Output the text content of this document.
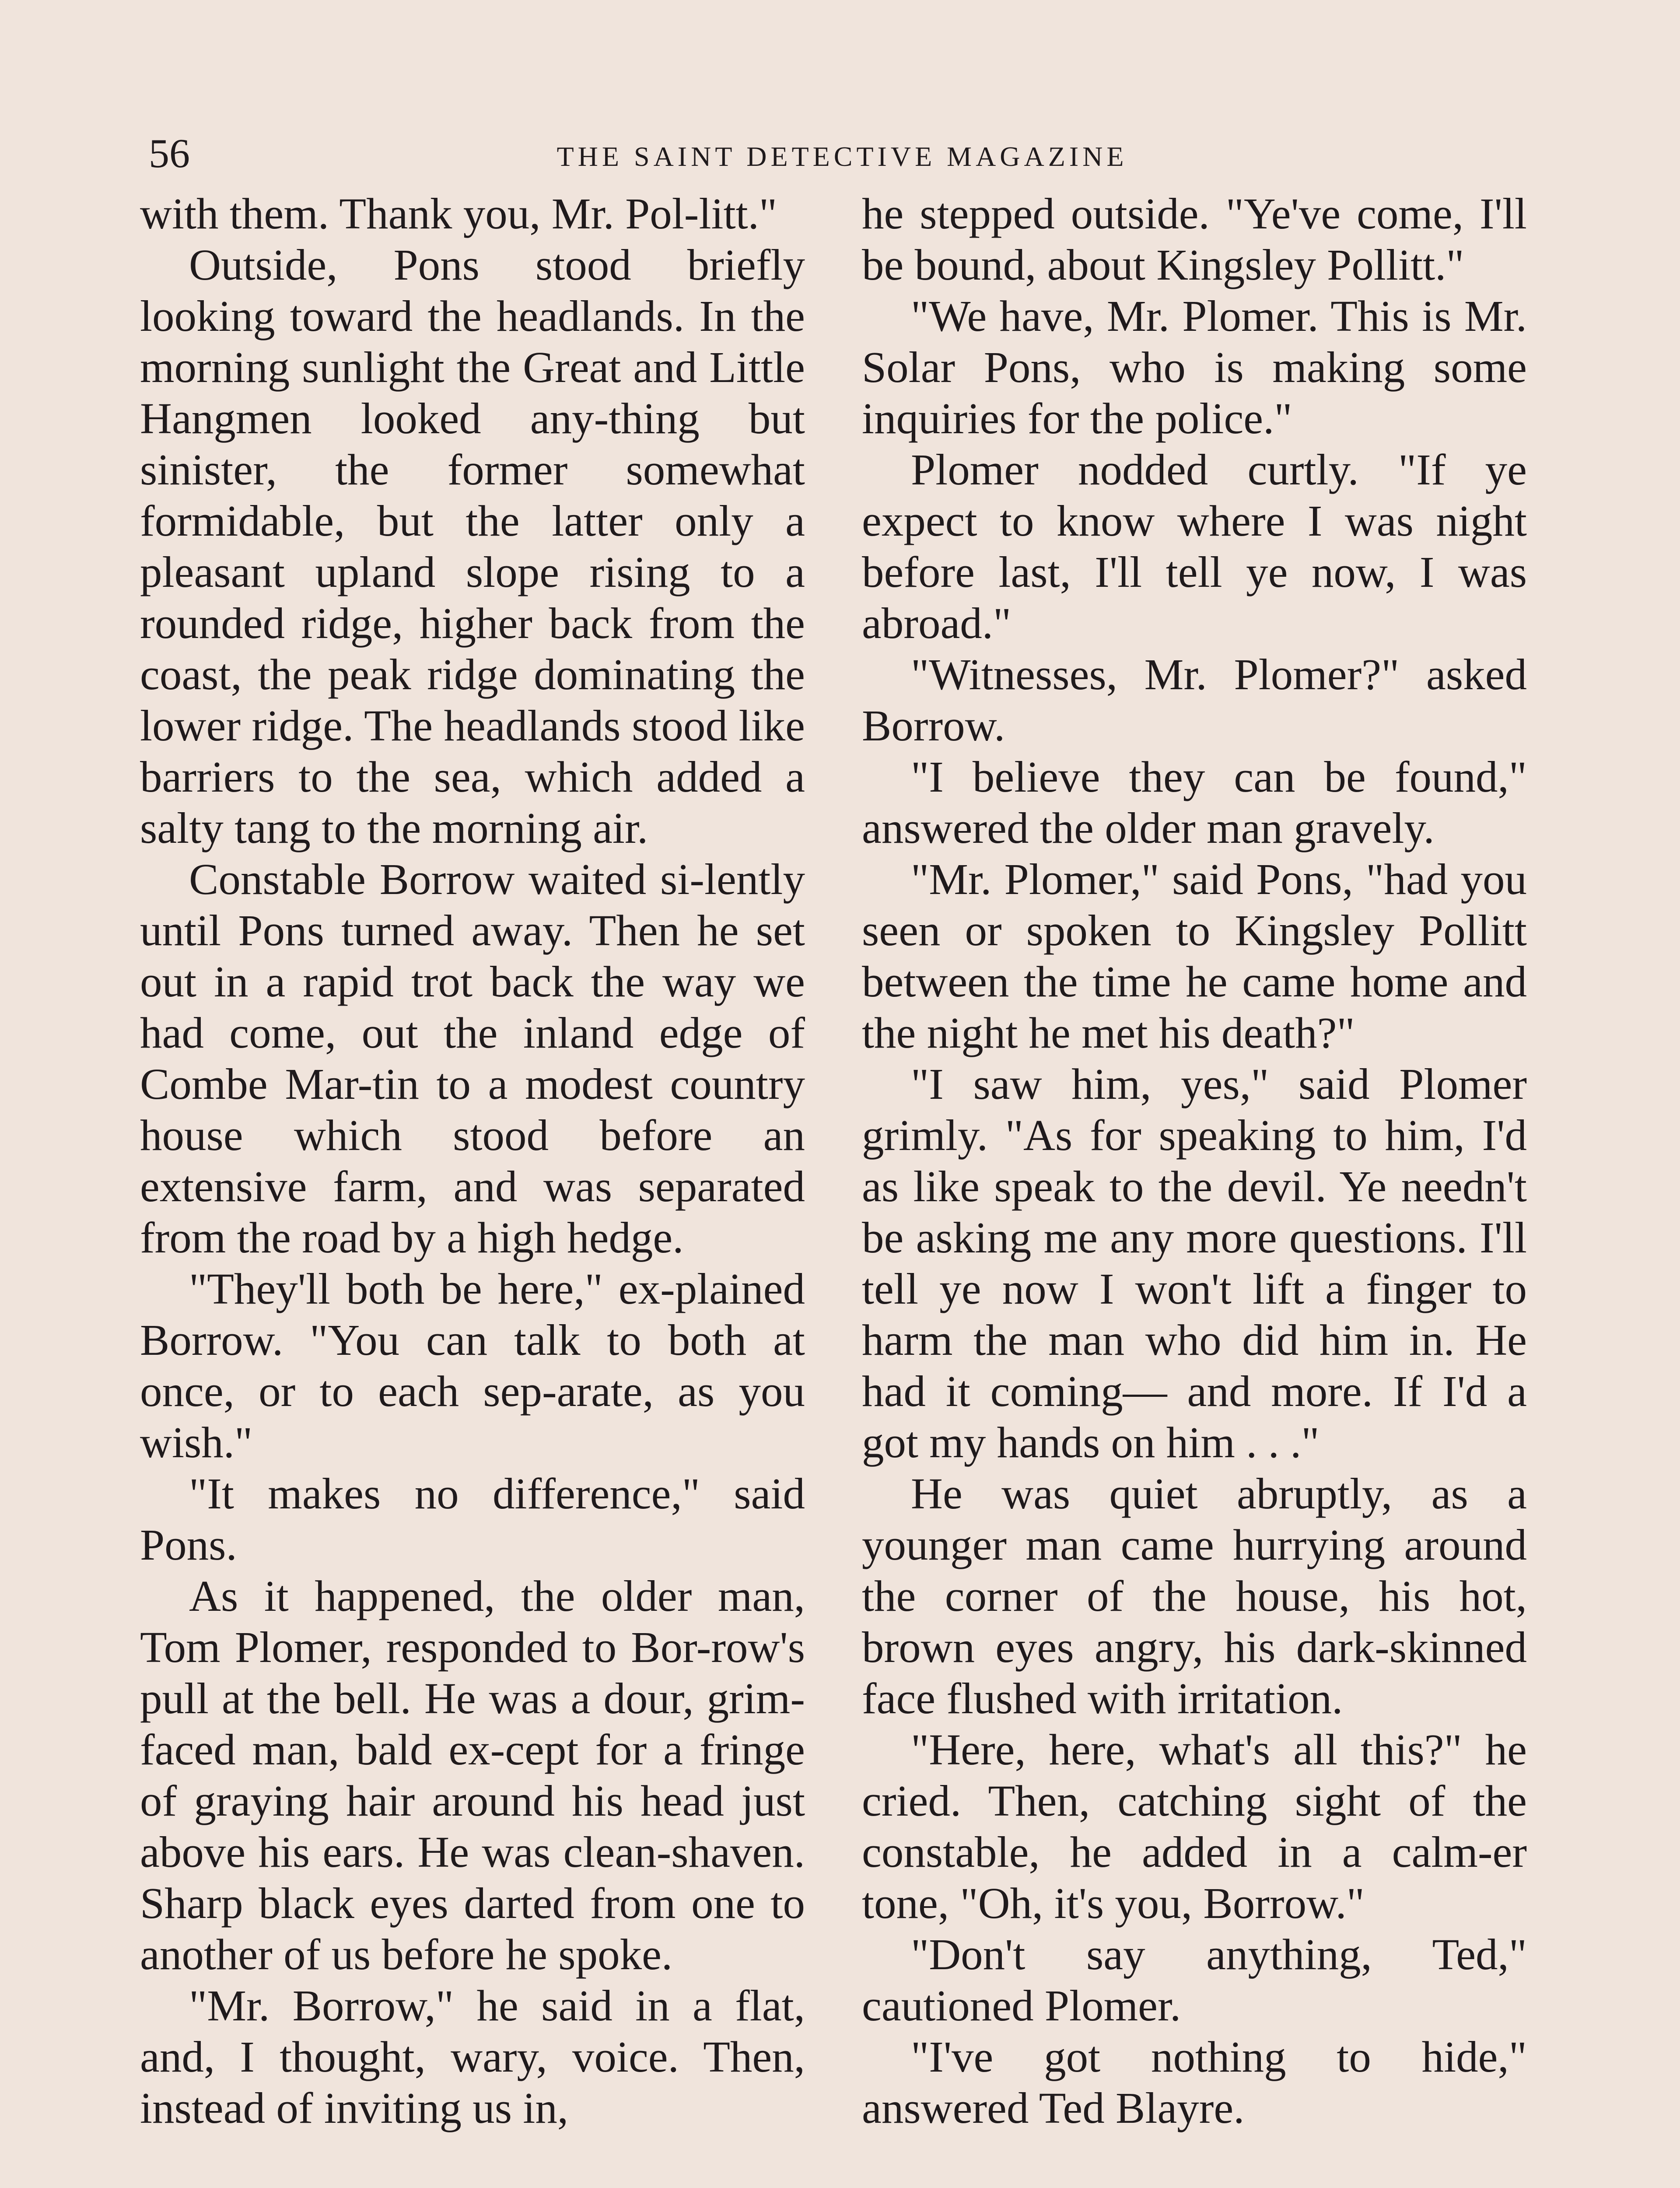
56	THE SAINT DETECTIVE MAGAZINE

with them. Thank you, Mr. Pol-litt."

Outside, Pons stood briefly looking toward the headlands. In the morning sunlight the Great and Little Hangmen looked any-thing but sinister, the former somewhat formidable, but the latter only a pleasant upland slope rising to a rounded ridge, higher back from the coast, the peak ridge dominating the lower ridge. The headlands stood like barriers to the sea, which added a salty tang to the morning air.

Constable Borrow waited si-lently until Pons turned away. Then he set out in a rapid trot back the way we had come, out the inland edge of Combe Mar-tin to a modest country house which stood before an extensive farm, and was separated from the road by a high hedge.

"They'll both be here," ex-plained Borrow. "You can talk to both at once, or to each sep-arate, as you wish."

"It makes no difference," said Pons.

As it happened, the older man, Tom Plomer, responded to Bor-row's pull at the bell. He was a dour, grim-faced man, bald ex-cept for a fringe of graying hair around his head just above his ears. He was clean-shaven. Sharp black eyes darted from one to another of us before he spoke.

"Mr. Borrow," he said in a flat, and, I thought, wary, voice. Then, instead of inviting us in,

he stepped outside. "Ye've come, I'll be bound, about Kingsley Pollitt."

"We have, Mr. Plomer. This is Mr. Solar Pons, who is making some inquiries for the police."

Plomer nodded curtly. "If ye expect to know where I was night before last, I'll tell ye now, I was abroad."

"Witnesses, Mr. Plomer?" asked Borrow.

"I believe they can be found," answered the older man gravely.

"Mr. Plomer," said Pons, "had you seen or spoken to Kingsley Pollitt between the time he came home and the night he met his death?"

"I saw him, yes," said Plomer grimly. "As for speaking to him, I'd as like speak to the devil. Ye needn't be asking me any more questions. I'll tell ye now I won't lift a finger to harm the man who did him in. He had it coming— and more. If I'd a got my hands on him . . ."

He was quiet abruptly, as a younger man came hurrying around the corner of the house, his hot, brown eyes angry, his dark-skinned face flushed with irritation.

"Here, here, what's all this?" he cried. Then, catching sight of the constable, he added in a calm-er tone, "Oh, it's you, Borrow."

"Don't say anything, Ted," cautioned Plomer.

"I've got nothing to hide," answered Ted Blayre.
